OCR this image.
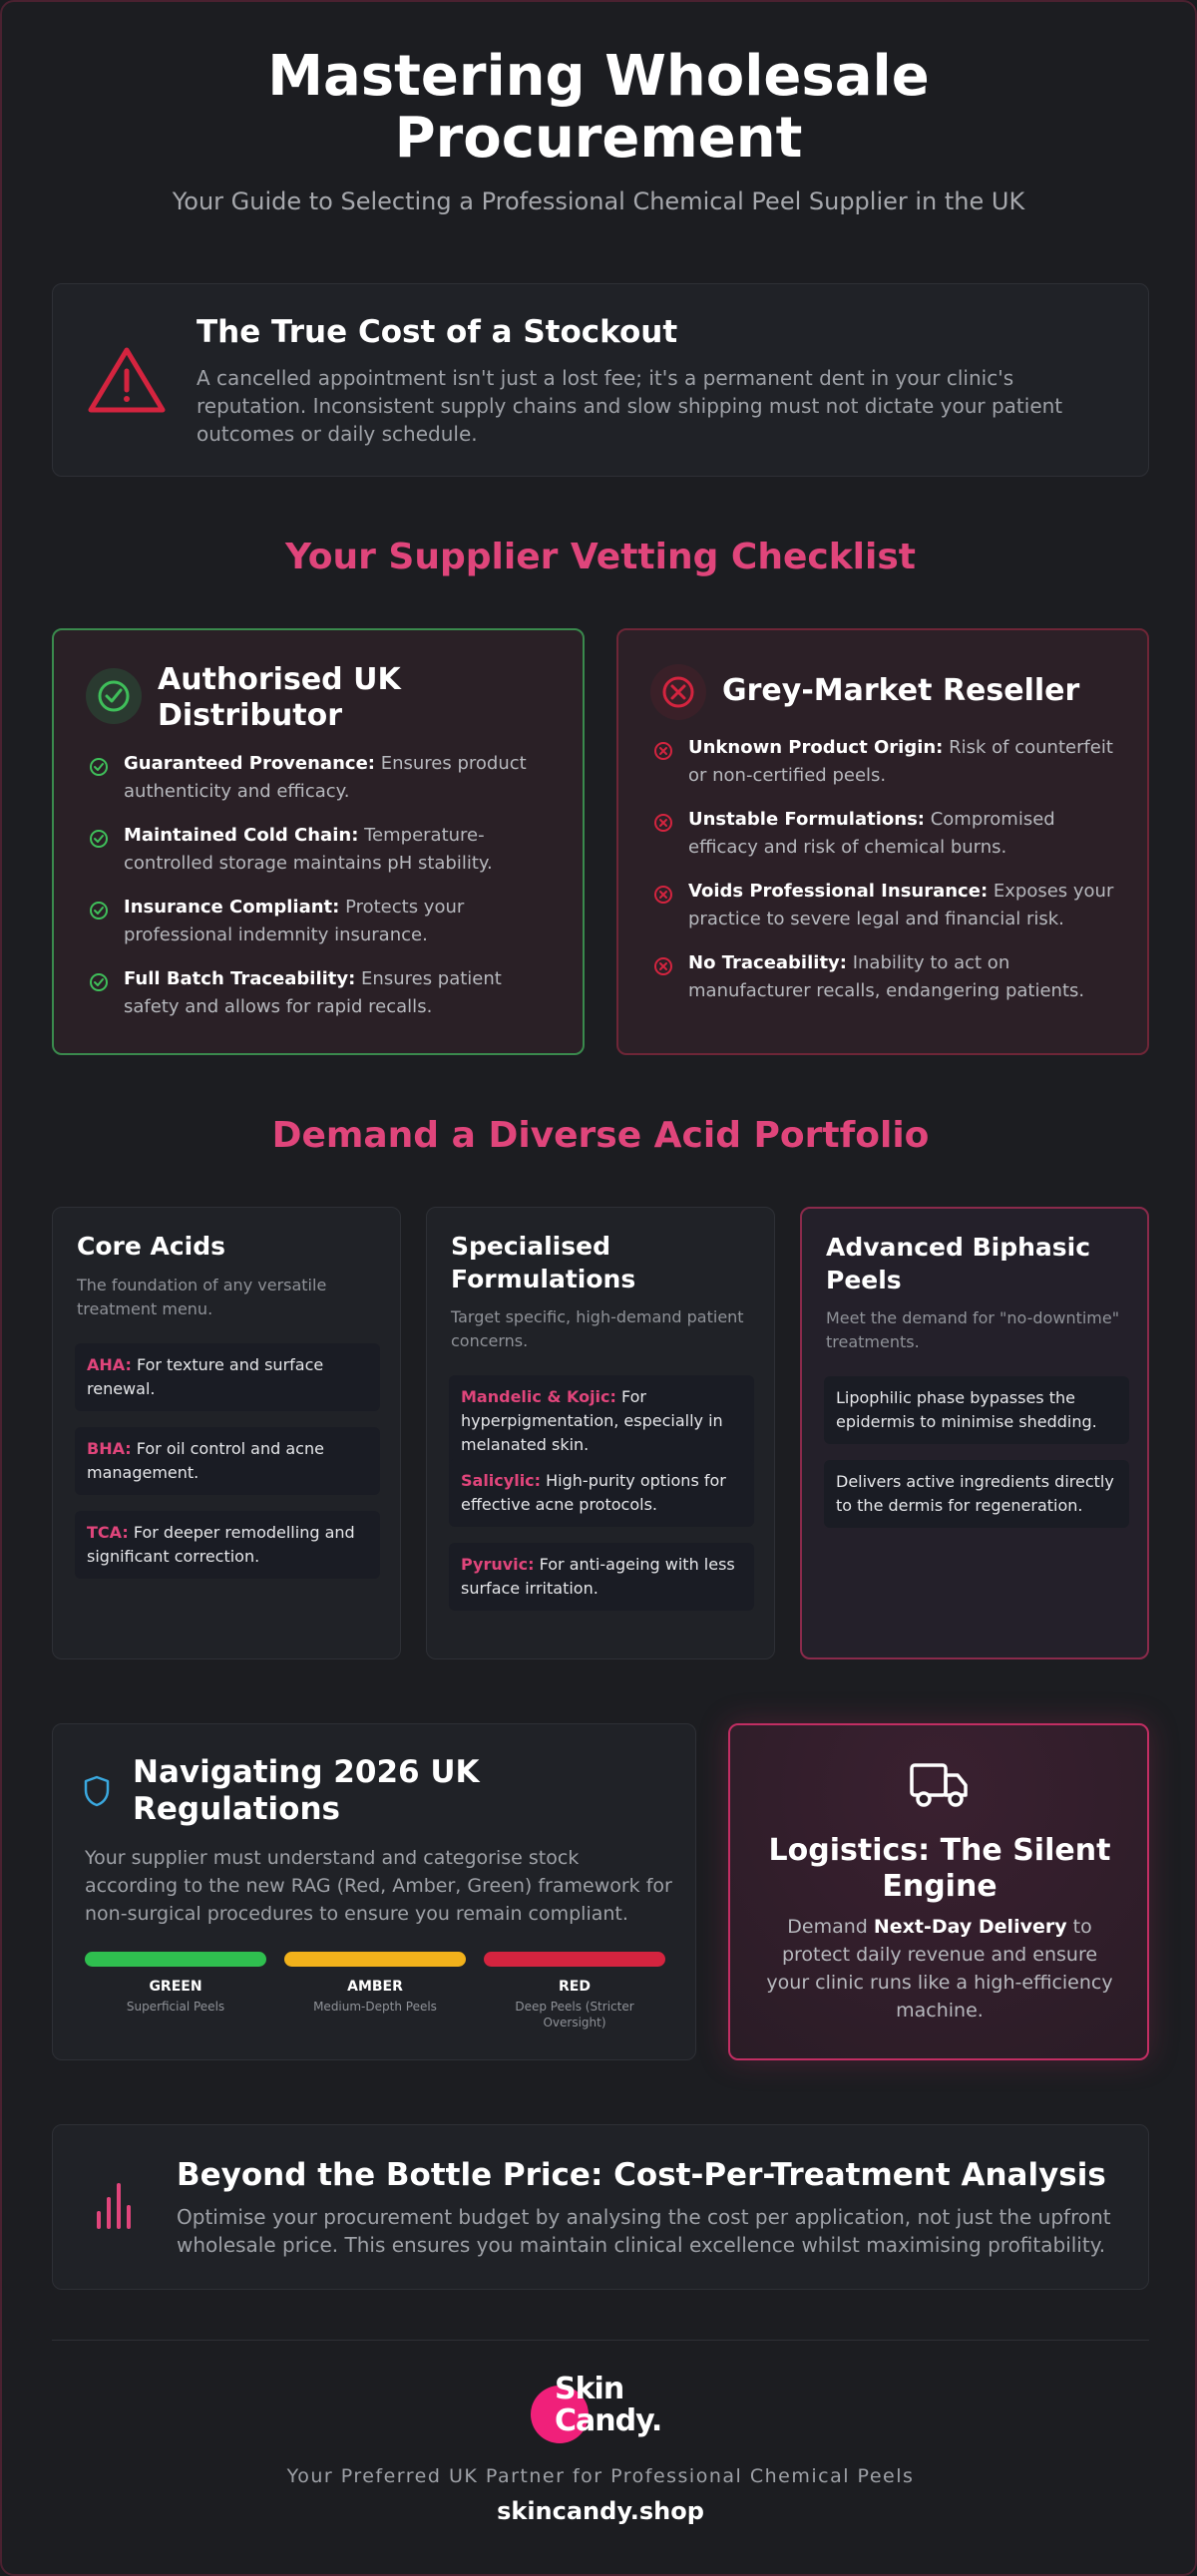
Mastering Wholesale Procurement
Your Guide to Selecting a Professional Chemical Peel Supplier in the UK
The True Cost of a Stockout
A cancelled appointment isn't just a lost fee; it's a permanent dent in your clinic's reputation. Inconsistent supply chains and slow shipping must not dictate your patient outcomes or daily schedule.
Your Supplier Vetting Checklist
Authorised UK Distributor
Guaranteed Provenance: Ensures product authenticity and efficacy.
Maintained Cold Chain: Temperature-controlled storage maintains pH stability.
Insurance Compliant: Protects your professional indemnity insurance.
Full Batch Traceability: Ensures patient safety and allows for rapid recalls.
Grey-Market Reseller
Unknown Product Origin: Risk of counterfeit or non-certified peels.
Unstable Formulations: Compromised efficacy and risk of chemical burns.
Voids Professional Insurance: Exposes your practice to severe legal and financial risk.
No Traceability: Inability to act on manufacturer recalls, endangering patients.
Demand a Diverse Acid Portfolio
Core Acids
The foundation of any versatile treatment menu.
AHA: For texture and surface renewal.
BHA: For oil control and acne management.
TCA: For deeper remodelling and significant correction.
Specialised Formulations
Target specific, high-demand patient concerns.
Mandelic & Kojic: For hyperpigmentation, especially in melanated skin.
Salicylic: High-purity options for effective acne protocols.
Pyruvic: For anti-ageing with less surface irritation.
Advanced Biphasic Peels
Meet the demand for "no-downtime" treatments.
Lipophilic phase bypasses the epidermis to minimise shedding.
Delivers active ingredients directly to the dermis for regeneration.
Navigating 2026 UK Regulations
Your supplier must understand and categorise stock according to the new RAG (Red, Amber, Green) framework for non-surgical procedures to ensure you remain compliant.
GREEN
Superficial Peels
AMBER
Medium-Depth Peels
RED
Deep Peels (Stricter Oversight)
Logistics: The Silent Engine
Demand Next-Day Delivery to protect daily revenue and ensure your clinic runs like a high-efficiency machine.
Beyond the Bottle Price: Cost-Per-Treatment Analysis
Optimise your procurement budget by analysing the cost per application, not just the upfront wholesale price. This ensures you maintain clinical excellence whilst maximising profitability.
Skin
Candy.
Your Preferred UK Partner for Professional Chemical Peels
skincandy.shop
